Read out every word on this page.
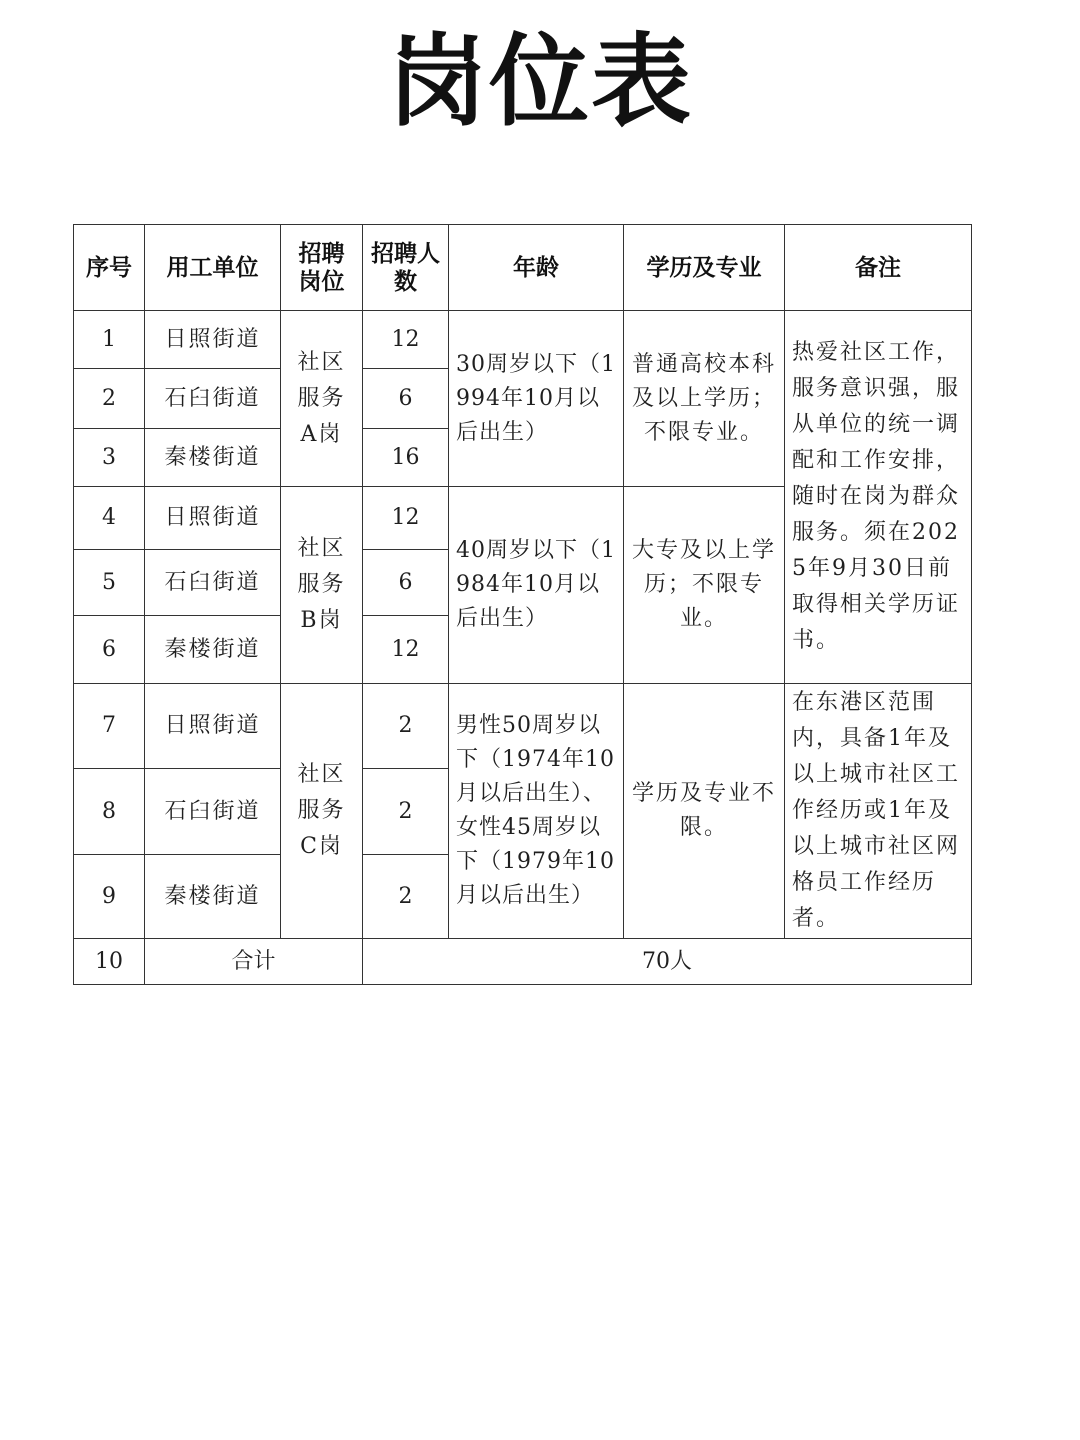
岗位表
序号	用工单位	招聘岗位	招聘人数	年龄	学历及专业	备注
1	日照街道	社区服务A岗	12	30周岁以下（1994年10月以后出生）	普通高校本科及以上学历；不限专业。	热爱社区工作，服务意识强，服从单位的统一调配和工作安排，随时在岗为群众服务。须在2025年9月30日前取得相关学历证书。
2	石臼街道		6			
3	秦楼街道		16			
4	日照街道	社区服务B岗	12	40周岁以下（1984年10月以后出生）	大专及以上学历；不限专业。	
5	石臼街道		6			
6	秦楼街道		12			
7	日照街道	社区服务C岗	2	男性50周岁以下（1974年10月以后出生）、女性45周岁以下（1979年10月以后出生）	学历及专业不限。	在东港区范围内，具备1年及以上城市社区工作经历或1年及以上城市社区网格员工作经历者。
8	石臼街道		2			
9	秦楼街道		2			
10	合计		70人			
